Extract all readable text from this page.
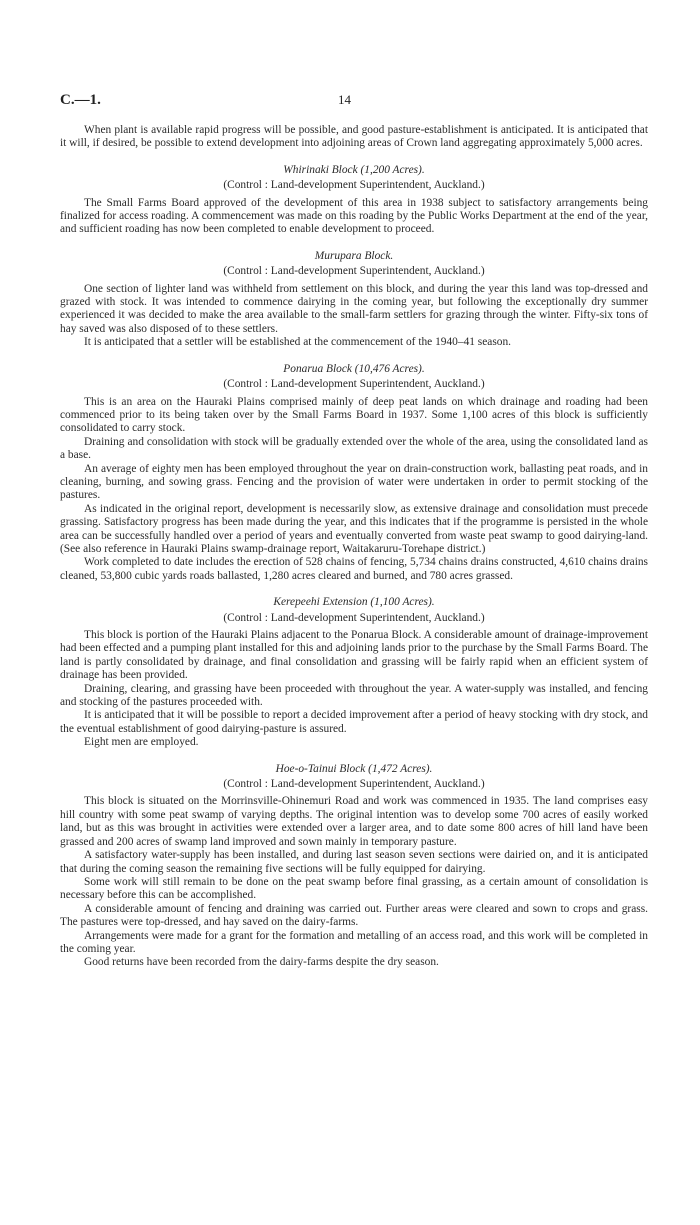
C.—1.	14

When plant is available rapid progress will be possible, and good pasture-establishment is anticipated. It is anticipated that it will, if desired, be possible to extend development into adjoining areas of Crown land aggregating approximately 5,000 acres.

Whirinaki Block (1,200 Acres).
(Control : Land-development Superintendent, Auckland.)

The Small Farms Board approved of the development of this area in 1938 subject to satisfactory arrangements being finalized for access roading. A commencement was made on this roading by the Public Works Department at the end of the year, and sufficient roading has now been completed to enable development to proceed.

Murupara Block.
(Control : Land-development Superintendent, Auckland.)

One section of lighter land was withheld from settlement on this block, and during the year this land was top-dressed and grazed with stock. It was intended to commence dairying in the coming year, but following the exceptionally dry summer experienced it was decided to make the area available to the small-farm settlers for grazing through the winter. Fifty-six tons of hay saved was also disposed of to these settlers.

It is anticipated that a settler will be established at the commencement of the 1940–41 season.

Ponarua Block (10,476 Acres).
(Control : Land-development Superintendent, Auckland.)

This is an area on the Hauraki Plains comprised mainly of deep peat lands on which drainage and roading had been commenced prior to its being taken over by the Small Farms Board in 1937. Some 1,100 acres of this block is sufficiently consolidated to carry stock.

Draining and consolidation with stock will be gradually extended over the whole of the area, using the consolidated land as a base.

An average of eighty men has been employed throughout the year on drain-construction work, ballasting peat roads, and in cleaning, burning, and sowing grass. Fencing and the provision of water were undertaken in order to permit stocking of the pastures.

As indicated in the original report, development is necessarily slow, as extensive drainage and consolidation must precede grassing. Satisfactory progress has been made during the year, and this indicates that if the programme is persisted in the whole area can be successfully handled over a period of years and eventually converted from waste peat swamp to good dairying-land. (See also reference in Hauraki Plains swamp-drainage report, Waitakaruru-Torehape district.)

Work completed to date includes the erection of 528 chains of fencing, 5,734 chains drains constructed, 4,610 chains drains cleaned, 53,800 cubic yards roads ballasted, 1,280 acres cleared and burned, and 780 acres grassed.

Kerepeehi Extension (1,100 Acres).
(Control : Land-development Superintendent, Auckland.)

This block is portion of the Hauraki Plains adjacent to the Ponarua Block. A considerable amount of drainage-improvement had been effected and a pumping plant installed for this and adjoining lands prior to the purchase by the Small Farms Board. The land is partly consolidated by drainage, and final consolidation and grassing will be fairly rapid when an efficient system of drainage has been provided.

Draining, clearing, and grassing have been proceeded with throughout the year. A water-supply was installed, and fencing and stocking of the pastures proceeded with.

It is anticipated that it will be possible to report a decided improvement after a period of heavy stocking with dry stock, and the eventual establishment of good dairying-pasture is assured.

Eight men are employed.

Hoe-o-Tainui Block (1,472 Acres).
(Control : Land-development Superintendent, Auckland.)

This block is situated on the Morrinsville-Ohinemuri Road and work was commenced in 1935. The land comprises easy hill country with some peat swamp of varying depths. The original intention was to develop some 700 acres of easily worked land, but as this was brought in activities were extended over a larger area, and to date some 800 acres of hill land have been grassed and 200 acres of swamp land improved and sown mainly in temporary pasture.

A satisfactory water-supply has been installed, and during last season seven sections were dairied on, and it is anticipated that during the coming season the remaining five sections will be fully equipped for dairying.

Some work will still remain to be done on the peat swamp before final grassing, as a certain amount of consolidation is necessary before this can be accomplished.

A considerable amount of fencing and draining was carried out. Further areas were cleared and sown to crops and grass. The pastures were top-dressed, and hay saved on the dairy-farms.

Arrangements were made for a grant for the formation and metalling of an access road, and this work will be completed in the coming year.

Good returns have been recorded from the dairy-farms despite the dry season.
